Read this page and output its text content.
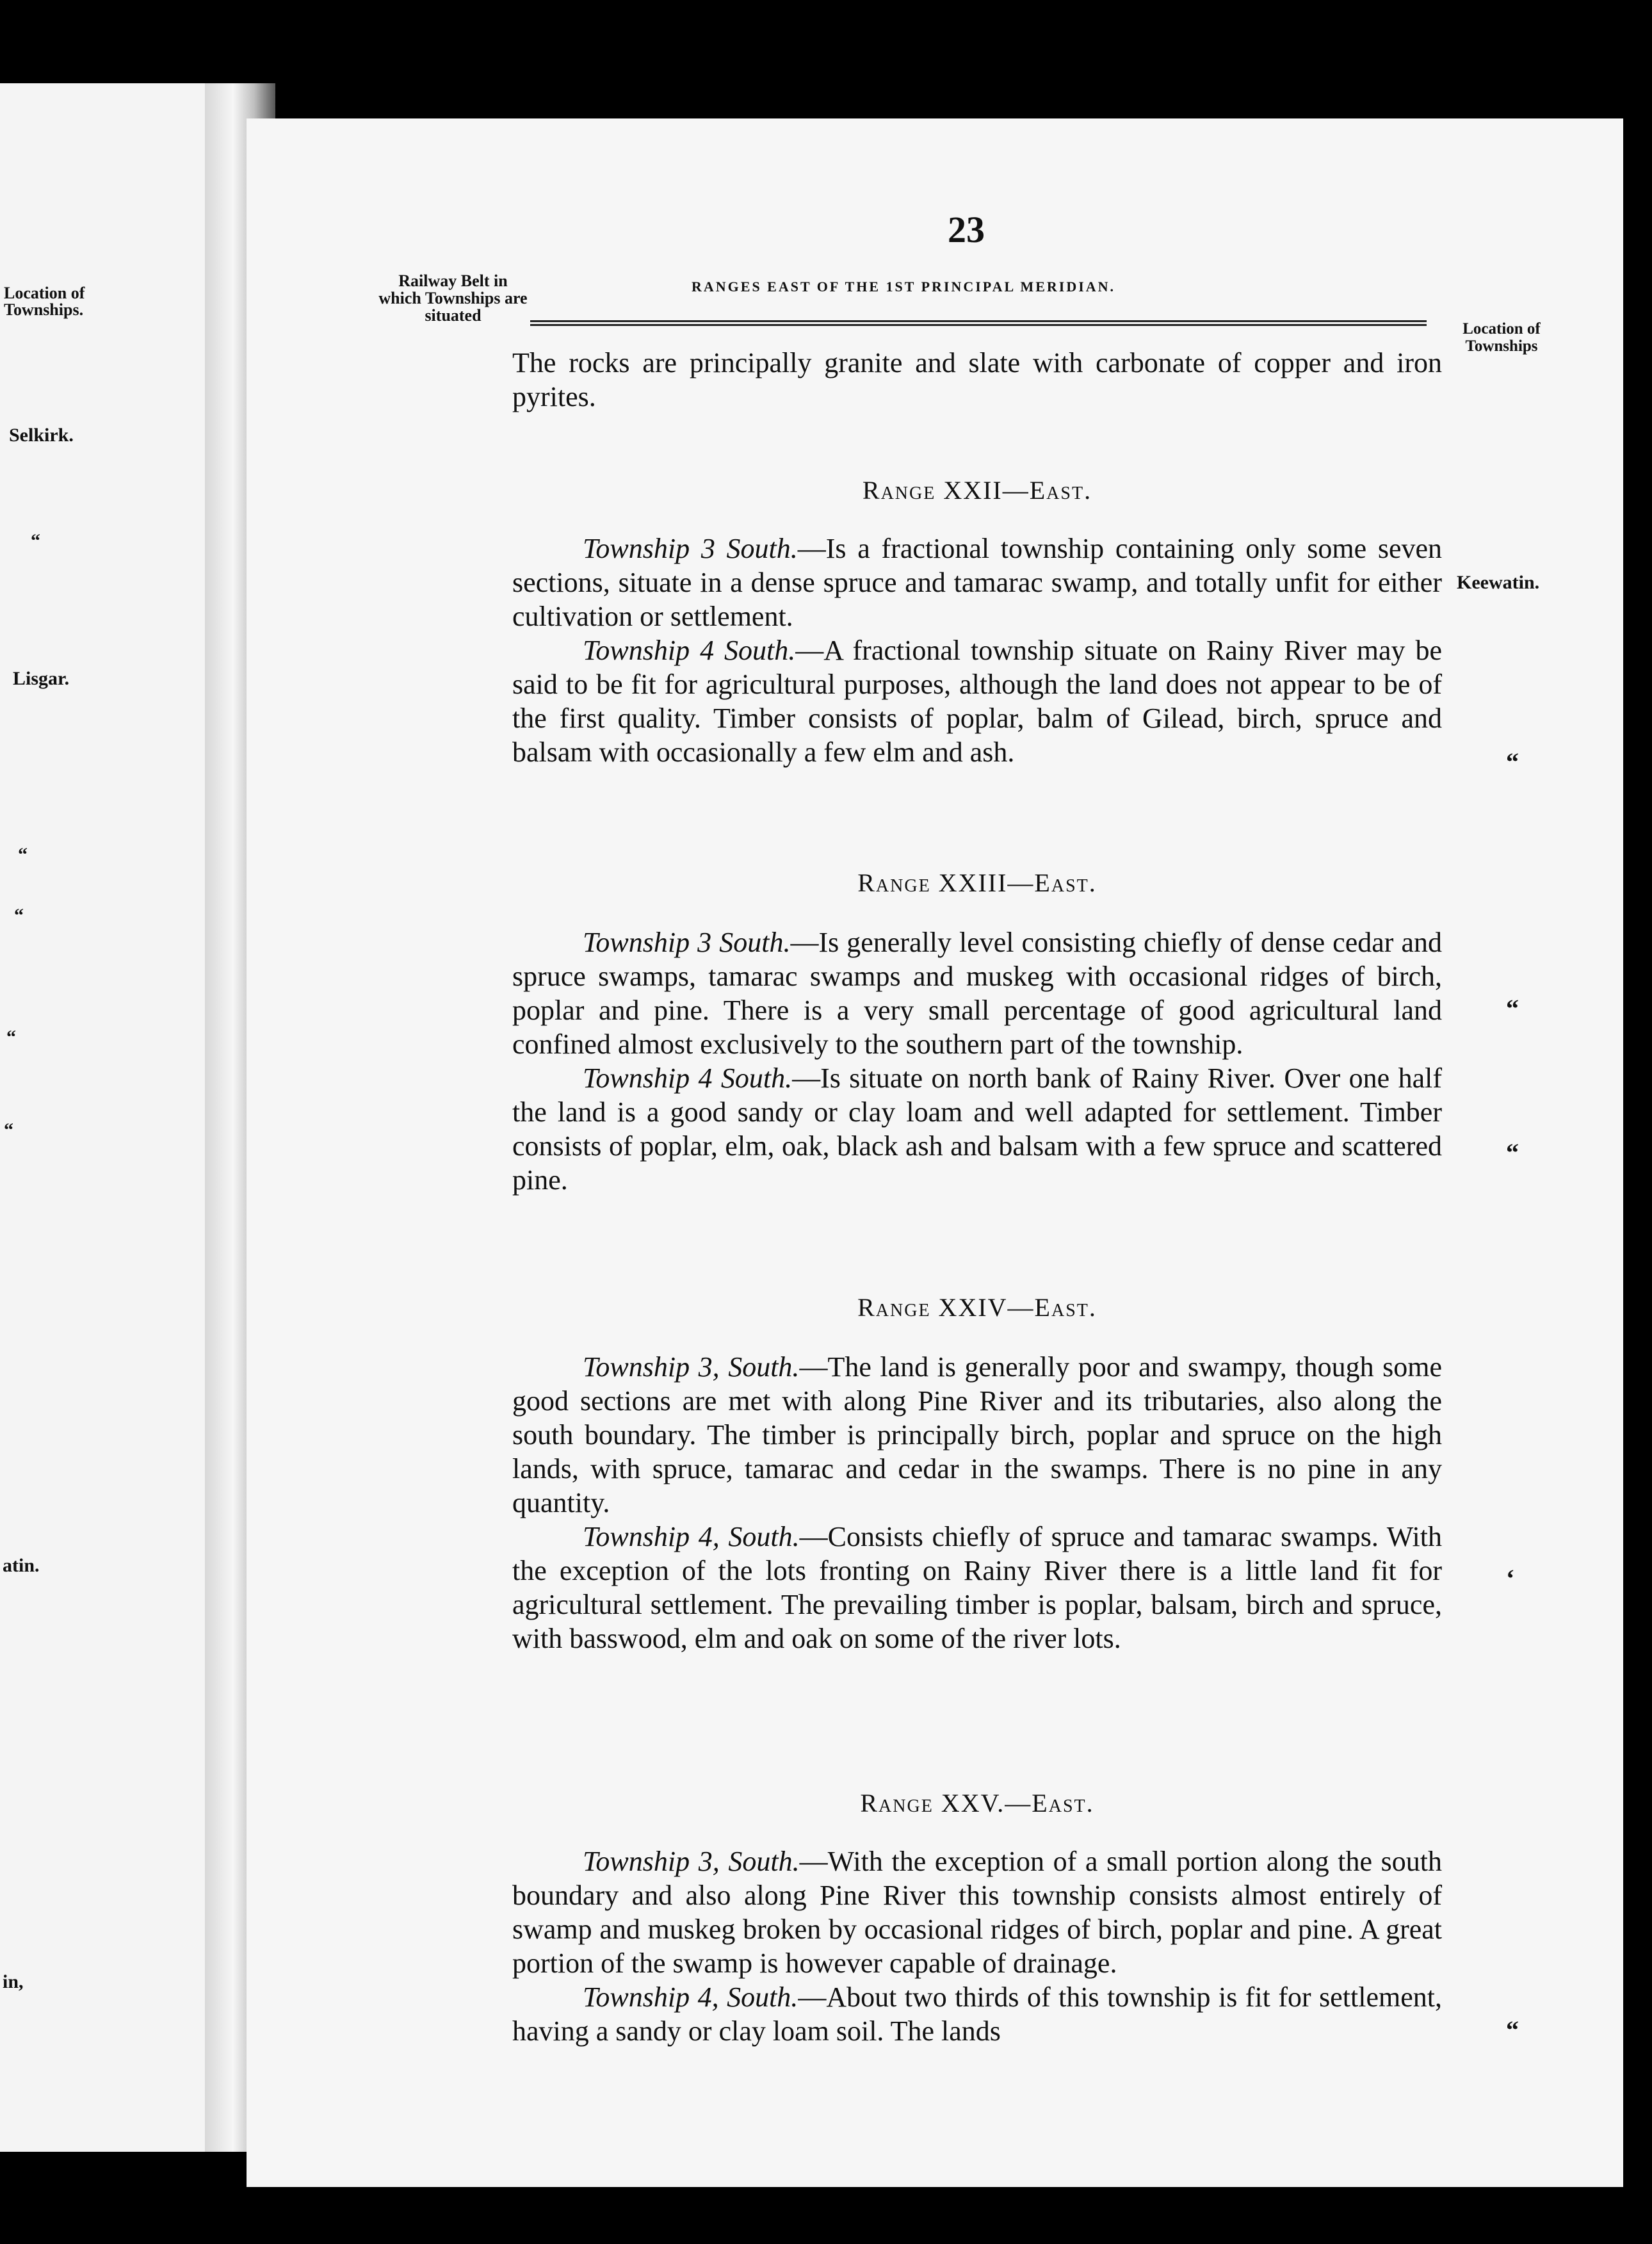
Location of Townships.
Selkirk.
“
Lisgar.
“
“
“
“
atin.
in,
23
RANGES EAST OF THE 1ST PRINCIPAL MERIDIAN.
Railway Belt in which Townships are situated
Location of Townships

The rocks are principally granite and slate with carbonate of copper and iron pyrites.

Range XXII—East.

Township 3 South.—Is a fractional township containing only some seven sections, situate in a dense spruce and tamarac swamp, and totally unfit for either cultivation or settlement.

Township 4 South.—A fractional township situate on Rainy River may be said to be fit for agricultural purposes, although the land does not appear to be of the first quality. Timber consists of poplar, balm of Gilead, birch, spruce and balsam with occasionally a few elm and ash.

Range XXIII—East.

Township 3 South.—Is generally level consisting chiefly of dense cedar and spruce swamps, tamarac swamps and muskeg with occasional ridges of birch, poplar and pine. There is a very small percentage of good agricultural land confined almost exclusively to the southern part of the township.

Township 4 South.—Is situate on north bank of Rainy River. Over one half the land is a good sandy or clay loam and well adapted for settlement. Timber consists of poplar, elm, oak, black ash and balsam with a few spruce and scattered pine.

Range XXIV—East.

Township 3, South.—The land is generally poor and swampy, though some good sections are met with along Pine River and its tributaries, also along the south boundary. The timber is principally birch, poplar and spruce on the high lands, with spruce, tamarac and cedar in the swamps. There is no pine in any quantity.

Township 4, South.—Consists chiefly of spruce and tamarac swamps. With the exception of the lots fronting on Rainy River there is a little land fit for agricultural settlement. The prevailing timber is poplar, balsam, birch and spruce, with basswood, elm and oak on some of the river lots.

Range XXV.—East.

Township 3, South.—With the exception of a small portion along the south boundary and also along Pine River this township consists almost entirely of swamp and muskeg broken by occasional ridges of birch, poplar and pine. A great portion of the swamp is however capable of drainage.

Township 4, South.—About two thirds of this township is fit for settlement, having a sandy or clay loam soil. The lands

Keewatin.
“
“
“
‘
“
